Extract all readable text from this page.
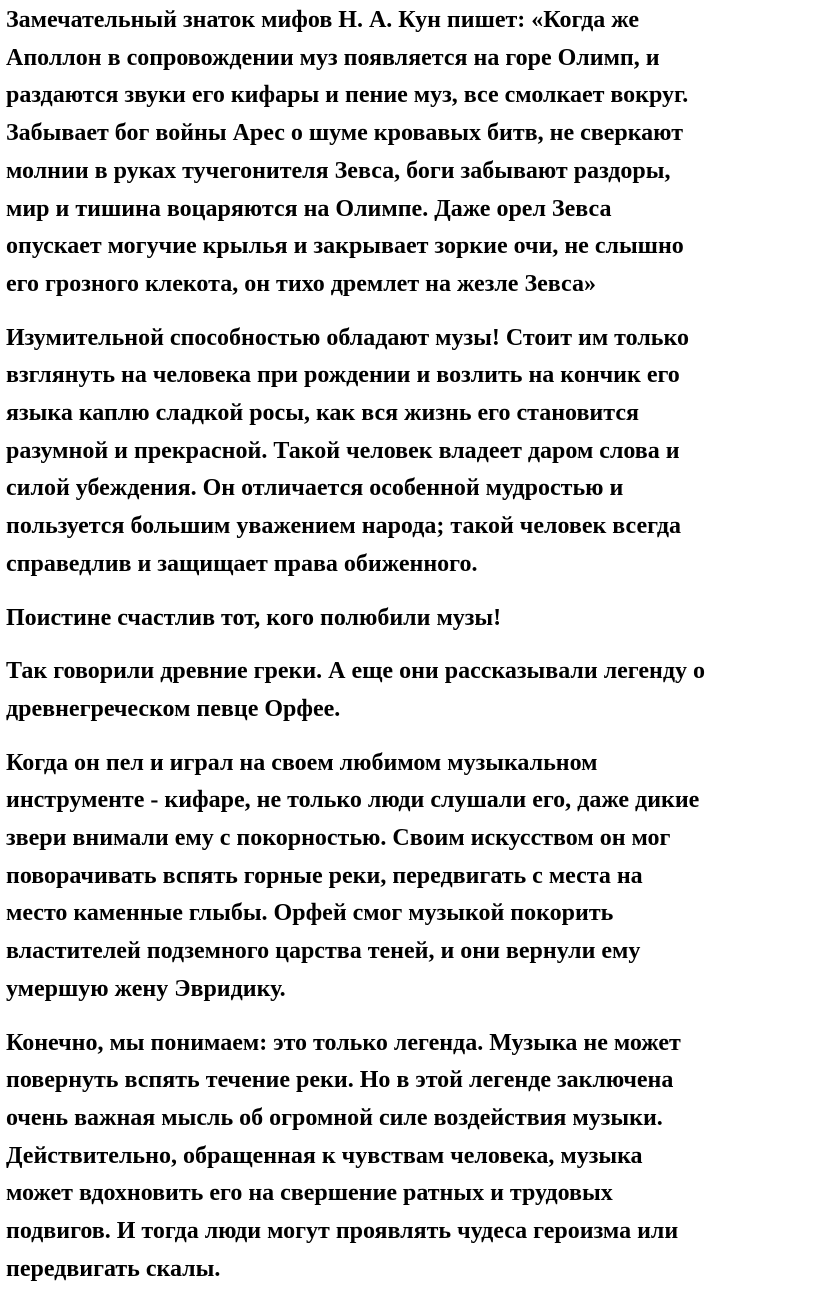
Замечательный знаток мифов Н. А. Кун пишет: «Когда же
Аполлон в сопровождении муз появляется на горе Олимп, и
раздаются звуки его кифары и пение муз, все смолкает вокруг.
Забывает бог войны Арес о шуме кровавых битв, не сверкают
молнии в руках тучегонителя Зевса, боги забывают раздоры,
мир и тишина воцаряются на Олимпе. Даже орел Зевса
опускает могучие крылья и закрывает зоркие очи, не слышно
его грозного клекота, он тихо дремлет на жезле Зевса»

Изумительной способностью обладают музы! Стоит им только
взглянуть на человека при рождении и возлить на кончик его
языка каплю сладкой росы, как вся жизнь его становится
разумной и прекрасной. Такой человек владеет даром слова и
силой убеждения. Он отличается особенной мудростью и
пользуется большим уважением народа; такой человек всегда
справедлив и защищает права обиженного.

Поистине счастлив тот, кого полюбили музы!

Так говорили древние греки. А еще они рассказывали легенду о
древнегреческом певце Орфее.

Когда он пел и играл на своем любимом музыкальном
инструменте - кифаре, не только люди слушали его, даже дикие
звери внимали ему с покорностью. Своим искусством он мог
поворачивать вспять горные реки, передвигать с места на
место каменные глыбы. Орфей смог музыкой покорить
властителей подземного царства теней, и они вернули ему
умершую жену Эвридику.

Конечно, мы понимаем: это только легенда. Музыка не может
повернуть вспять течение реки. Но в этой легенде заключена
очень важная мысль об огромной силе воздействия музыки.
Действительно, обращенная к чувствам человека, музыка
может вдохновить его на свершение ратных и трудовых
подвигов. И тогда люди могут проявлять чудеса героизма или
передвигать скалы.
